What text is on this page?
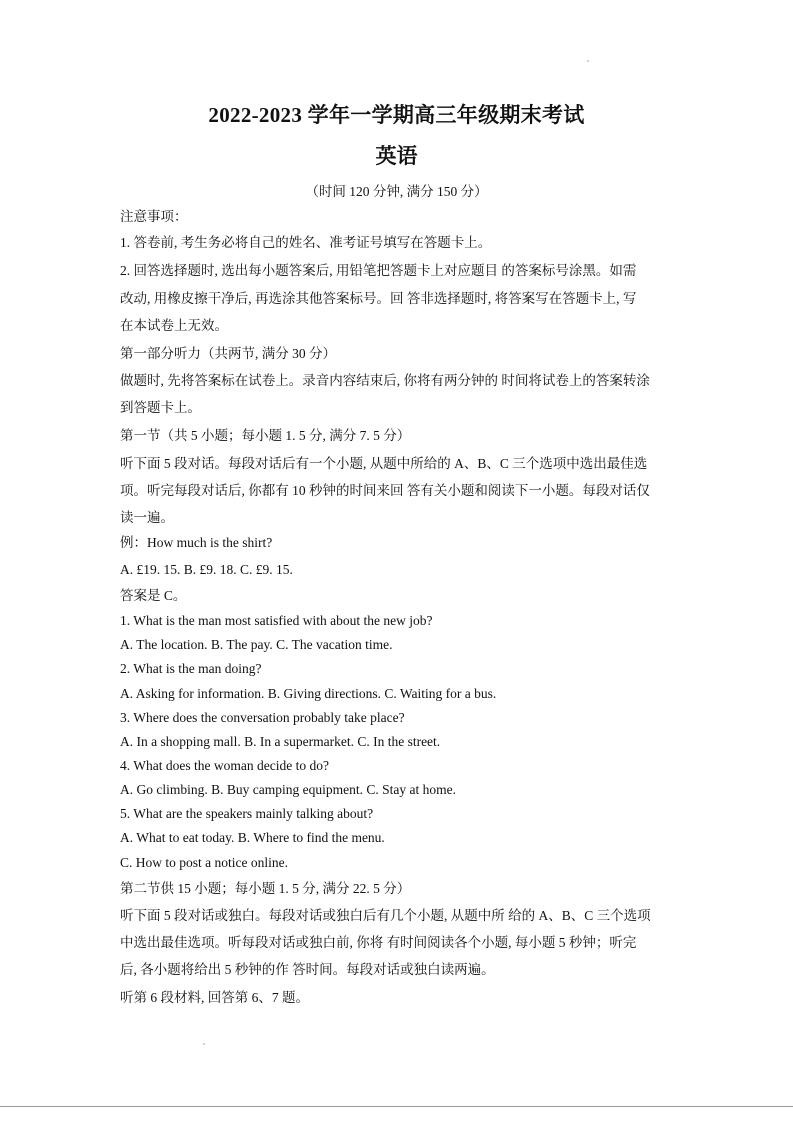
2022-2023 学年一学期高三年级期末考试
英语
（时间 120 分钟, 满分 150 分）
注意事项：
1. 答卷前, 考生务必将自己的姓名、准考证号填写在答题卡上。
2. 回答选择题时, 选出每小题答案后, 用铅笔把答题卡上对应题目 的答案标号涂黑。如需
改动, 用橡皮擦干净后, 再选涂其他答案标号。回 答非选择题时, 将答案写在答题卡上, 写
在本试卷上无效。
第一部分听力（共两节, 满分 30 分）
做题时, 先将答案标在试卷上。录音内容结束后, 你将有两分钟的 时间将试卷上的答案转涂
到答题卡上。
第一节（共 5 小题；每小题 1. 5 分, 满分 7. 5 分）
听下面 5 段对话。每段对话后有一个小题, 从题中所给的 A、B、C 三个选项中选出最佳选
项。听完每段对话后, 你都有 10 秒钟的时间来回 答有关小题和阅读下一小题。每段对话仅
读一遍。
例：How much is the shirt?
A. £19. 15. B. £9. 18. C. £9. 15.
答案是 C。
1. What is the man most satisfied with about the new job?
A. The location. B. The pay. C. The vacation time.
2. What is the man doing?
A. Asking for information. B. Giving directions. C. Waiting for a bus.
3. Where does the conversation probably take place?
A. In a shopping mall. B. In a supermarket. C. In the street.
4. What does the woman decide to do?
A. Go climbing. B. Buy camping equipment. C. Stay at home.
5. What are the speakers mainly talking about?
A. What to eat today. B. Where to find the menu.
C. How to post a notice online.
第二节供 15 小题；每小题 1. 5 分, 满分 22. 5 分）
听下面 5 段对话或独白。每段对话或独白后有几个小题, 从题中所 给的 A、B、C 三个选项
中选出最佳选项。听每段对话或独白前, 你将 有时间阅读各个小题, 每小题 5 秒钟；听完
后, 各小题将给出 5 秒钟的作 答时间。每段对话或独白读两遍。
听第 6 段材料, 回答第 6、7 题。
